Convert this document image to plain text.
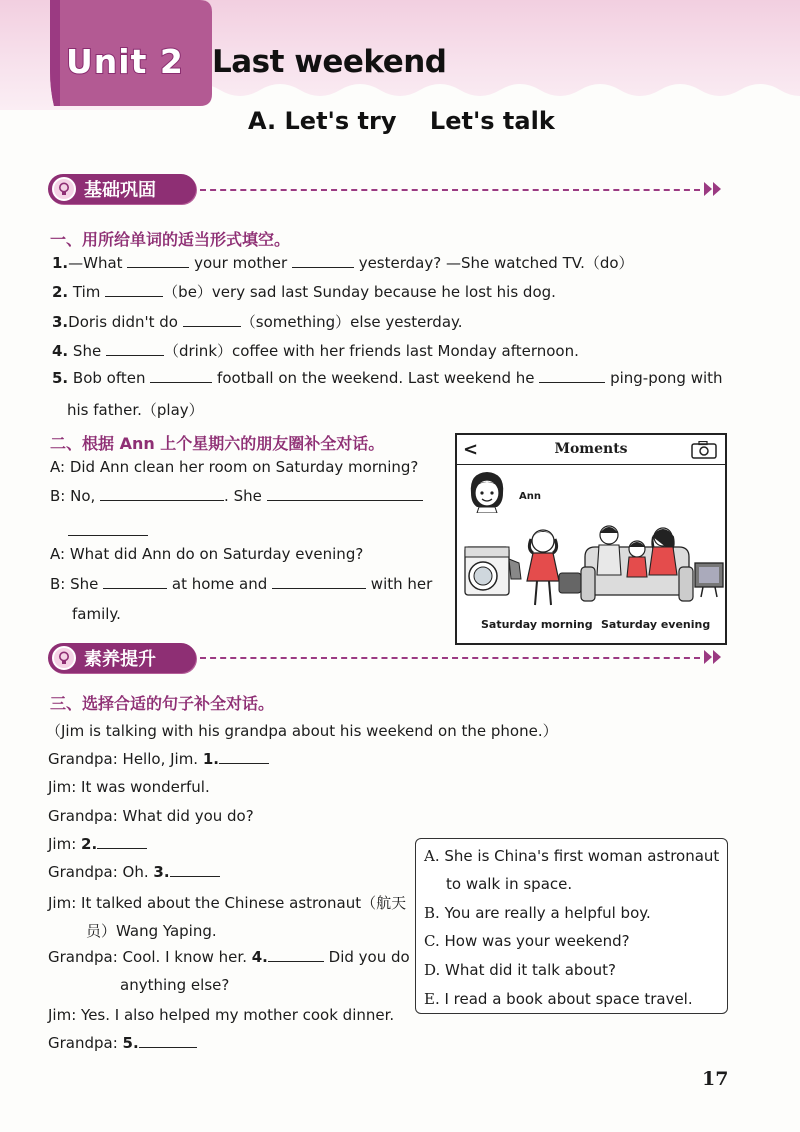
Unit 2 Last weekend
A. Let's try    Let's talk
基础巩固
一、用所给单词的适当形式填空。
1.—What	your mother	yesterday? —She watched TV.（do）
2. Tim	（be）very sad last Sunday because he lost his dog.
3.Doris didn't do	（something）else yesterday.
4. She	（drink）coffee with her friends last Monday afternoon.
5. Bob often	football on the weekend. Last weekend he	ping-pong with
his father.（play）
二、根据 Ann 上个星期六的朋友圈补全对话。
A: Did Ann clean her room on Saturday morning?
B: No,	. She
A: What did Ann do on Saturday evening?
B: She	at home and	with her
family.
<	Moments
Ann
Saturday morning Saturday evening
素养提升
三、选择合适的句子补全对话。
（Jim is talking with his grandpa about his weekend on the phone.）
Grandpa: Hello, Jim. 1.
Jim: It was wonderful.
Grandpa: What did you do?
Jim: 2.
Grandpa: Oh. 3.
Jim: It talked about the Chinese astronaut（航天
员）Wang Yaping.
Grandpa: Cool. I know her. 4.	Did you do
anything else?
Jim: Yes. I also helped my mother cook dinner.
Grandpa: 5.
A. She is China's first woman astronaut
to walk in space.
B. You are really a helpful boy.
C. How was your weekend?
D. What did it talk about?
E. I read a book about space travel.
17
